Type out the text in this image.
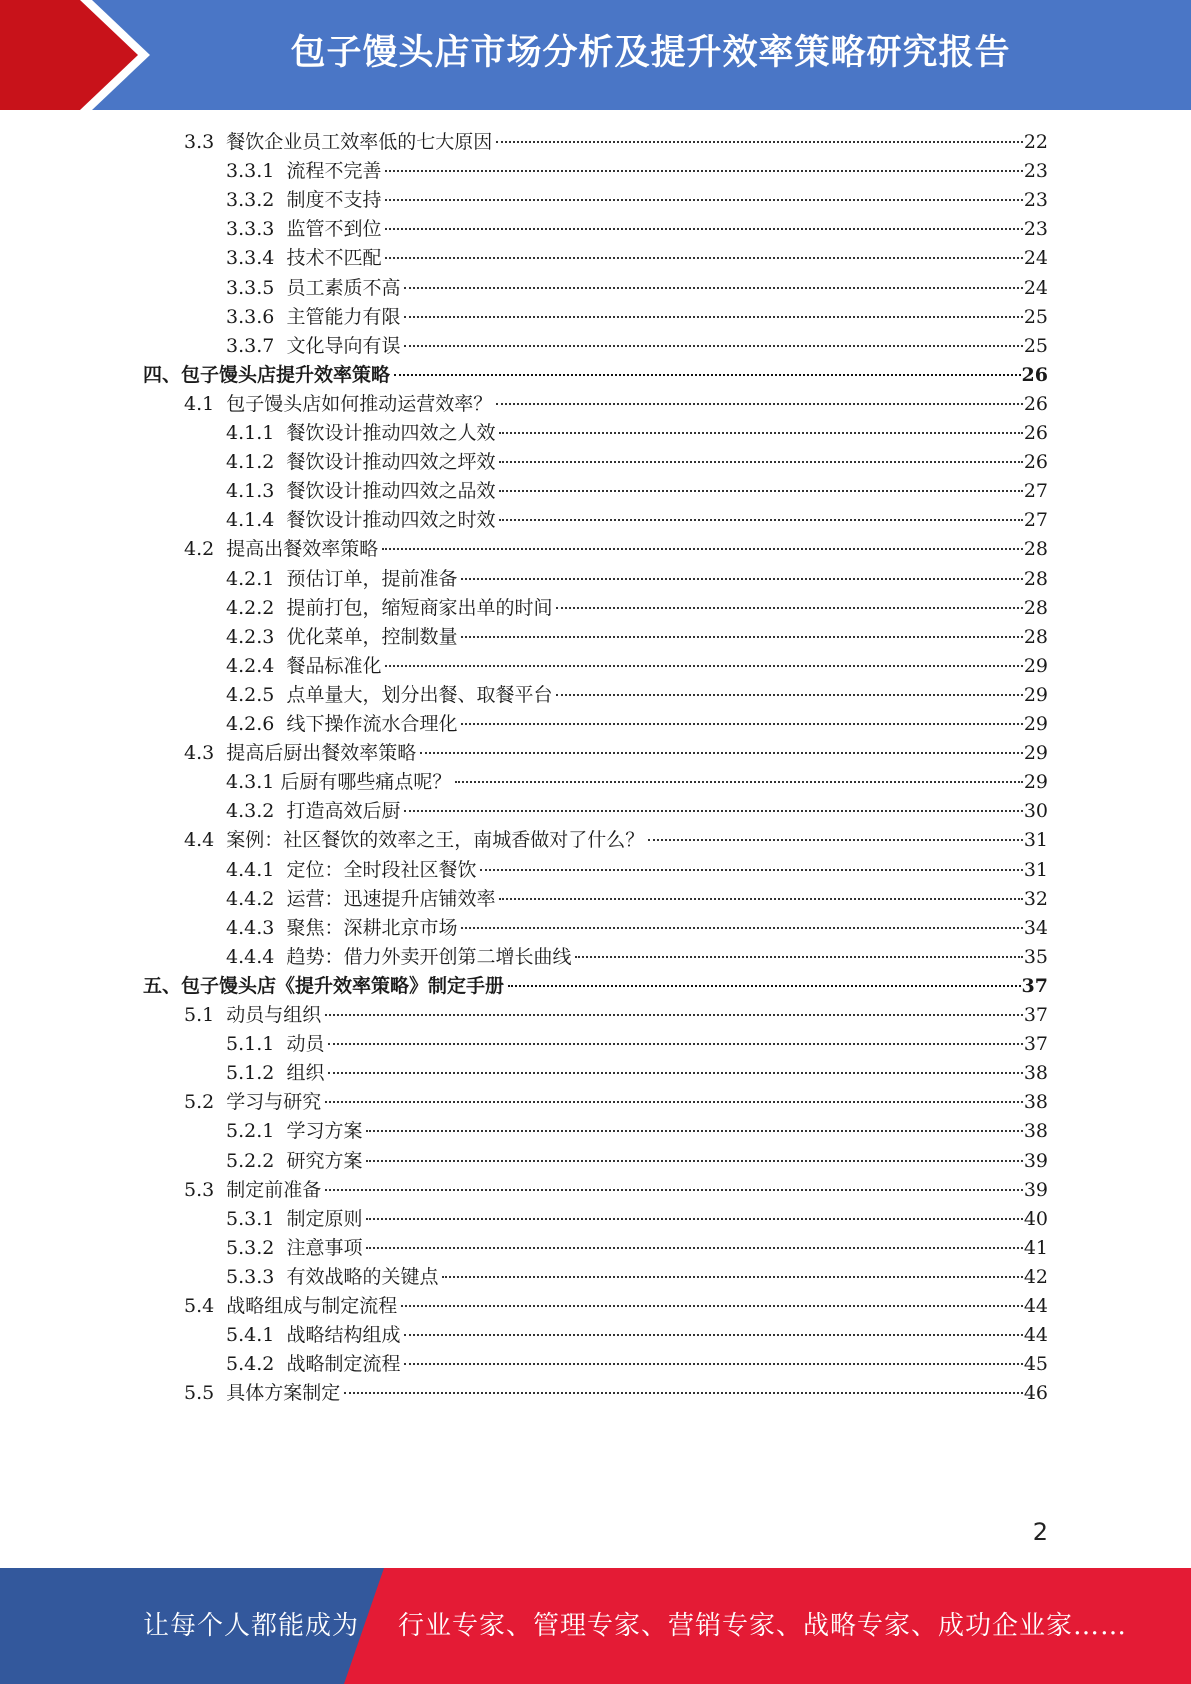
包子馒头店市场分析及提升效率策略研究报告
3.3 餐饮企业员工效率低的七大原因	22
3.3.1 流程不完善	23
3.3.2 制度不支持	23
3.3.3 监管不到位	23
3.3.4 技术不匹配	24
3.3.5 员工素质不高	24
3.3.6 主管能力有限	25
3.3.7 文化导向有误	25
四、包子馒头店提升效率策略	26
4.1 包子馒头店如何推动运营效率？	26
4.1.1 餐饮设计推动四效之人效	26
4.1.2 餐饮设计推动四效之坪效	26
4.1.3 餐饮设计推动四效之品效	27
4.1.4 餐饮设计推动四效之时效	27
4.2 提高出餐效率策略	28
4.2.1 预估订单，提前准备	28
4.2.2 提前打包，缩短商家出单的时间	28
4.2.3 优化菜单，控制数量	28
4.2.4 餐品标准化	29
4.2.5 点单量大，划分出餐、取餐平台	29
4.2.6 线下操作流水合理化	29
4.3 提高后厨出餐效率策略	29
4.3.1 后厨有哪些痛点呢？	29
4.3.2 打造高效后厨	30
4.4 案例：社区餐饮的效率之王，南城香做对了什么？	31
4.4.1 定位：全时段社区餐饮	31
4.4.2 运营：迅速提升店铺效率	32
4.4.3 聚焦：深耕北京市场	34
4.4.4 趋势：借力外卖开创第二增长曲线	35
五、包子馒头店《提升效率策略》制定手册	37
5.1 动员与组织	37
5.1.1 动员	37
5.1.2 组织	38
5.2 学习与研究	38
5.2.1 学习方案	38
5.2.2 研究方案	39
5.3 制定前准备	39
5.3.1 制定原则	40
5.3.2 注意事项	41
5.3.3 有效战略的关键点	42
5.4 战略组成与制定流程	44
5.4.1 战略结构组成	44
5.4.2 战略制定流程	45
5.5 具体方案制定	46
2
让每个人都能成为 行业专家、管理专家、营销专家、战略专家、成功企业家……
